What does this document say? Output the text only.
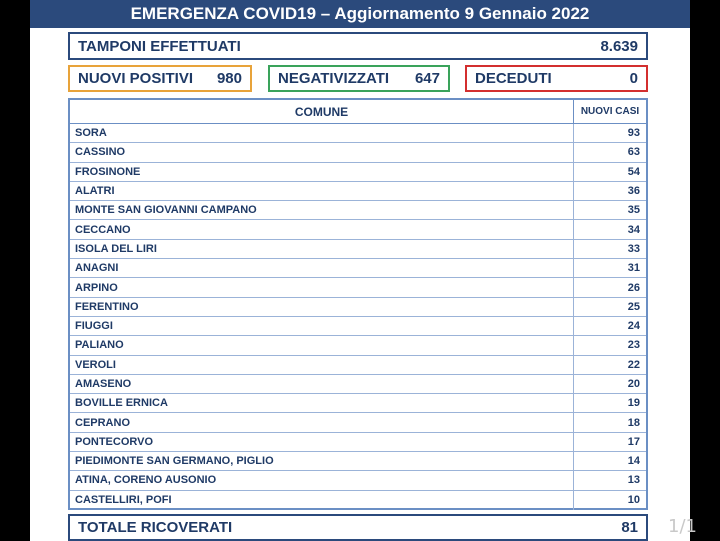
EMERGENZA COVID19 – Aggiornamento 9 Gennaio 2022
TAMPONI EFFETTUATI	8.639
NUOVI POSITIVI 980 NEGATIVIZZATI 647 DECEDUTI	0
COMUNE	NUOVI CASI
SORA	93
CASSINO	63
FROSINONE	54
ALATRI	36
MONTE SAN GIOVANNI CAMPANO	35
CECCANO	34
ISOLA DEL LIRI	33
ANAGNI	31
ARPINO	26
FERENTINO	25
FIUGGI	24
PALIANO	23
VEROLI	22
AMASENO	20
BOVILLE ERNICA	19
CEPRANO	18
PONTECORVO	17
PIEDIMONTE SAN GERMANO, PIGLIO	14
ATINA, CORENO AUSONIO	13
CASTELLIRI, POFI	10
TOTALE RICOVERATI	81 1/1
